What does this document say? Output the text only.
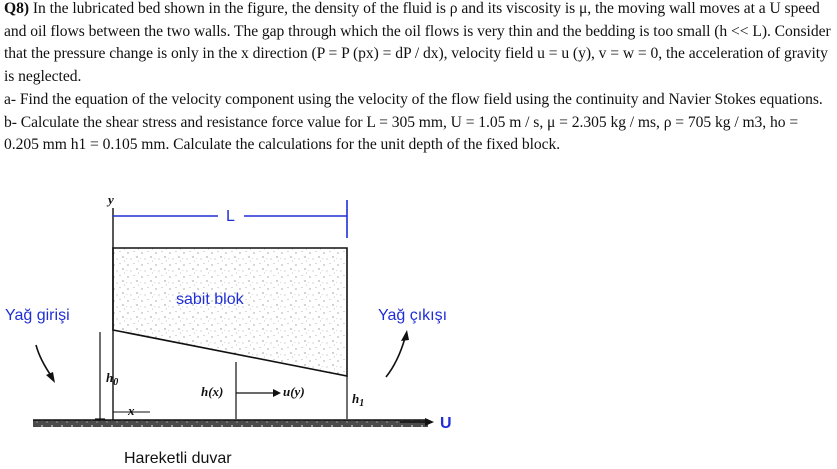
Q8) In the lubricated bed shown in the figure, the density of the fluid is ρ and its viscosity is μ, the moving wall moves at a U speed and oil flows between the two walls. The gap through which the oil flows is very thin and the bedding is too small (h << L). Consider that the pressure change is only in the x direction (P = P (px) = dP / dx), velocity field u = u (y), v = w = 0, the acceleration of gravity is neglected.

a- Find the equation of the velocity component using the velocity of the flow field using the continuity and Navier Stokes equations.

b- Calculate the shear stress and resistance force value for L = 305 mm, U = 1.05 m / s, μ = 2.305 kg / ms, ρ = 705 kg / m3, ho = 0.205 mm h1 = 0.105 mm. Calculate the calculations for the unit depth of the fixed block.

y
L
sabit blok
Yağ girişi	Yağ çıkışı
$h_0$
h(x)	u(y)	$h_1$
x
U
Hareketli duvar
